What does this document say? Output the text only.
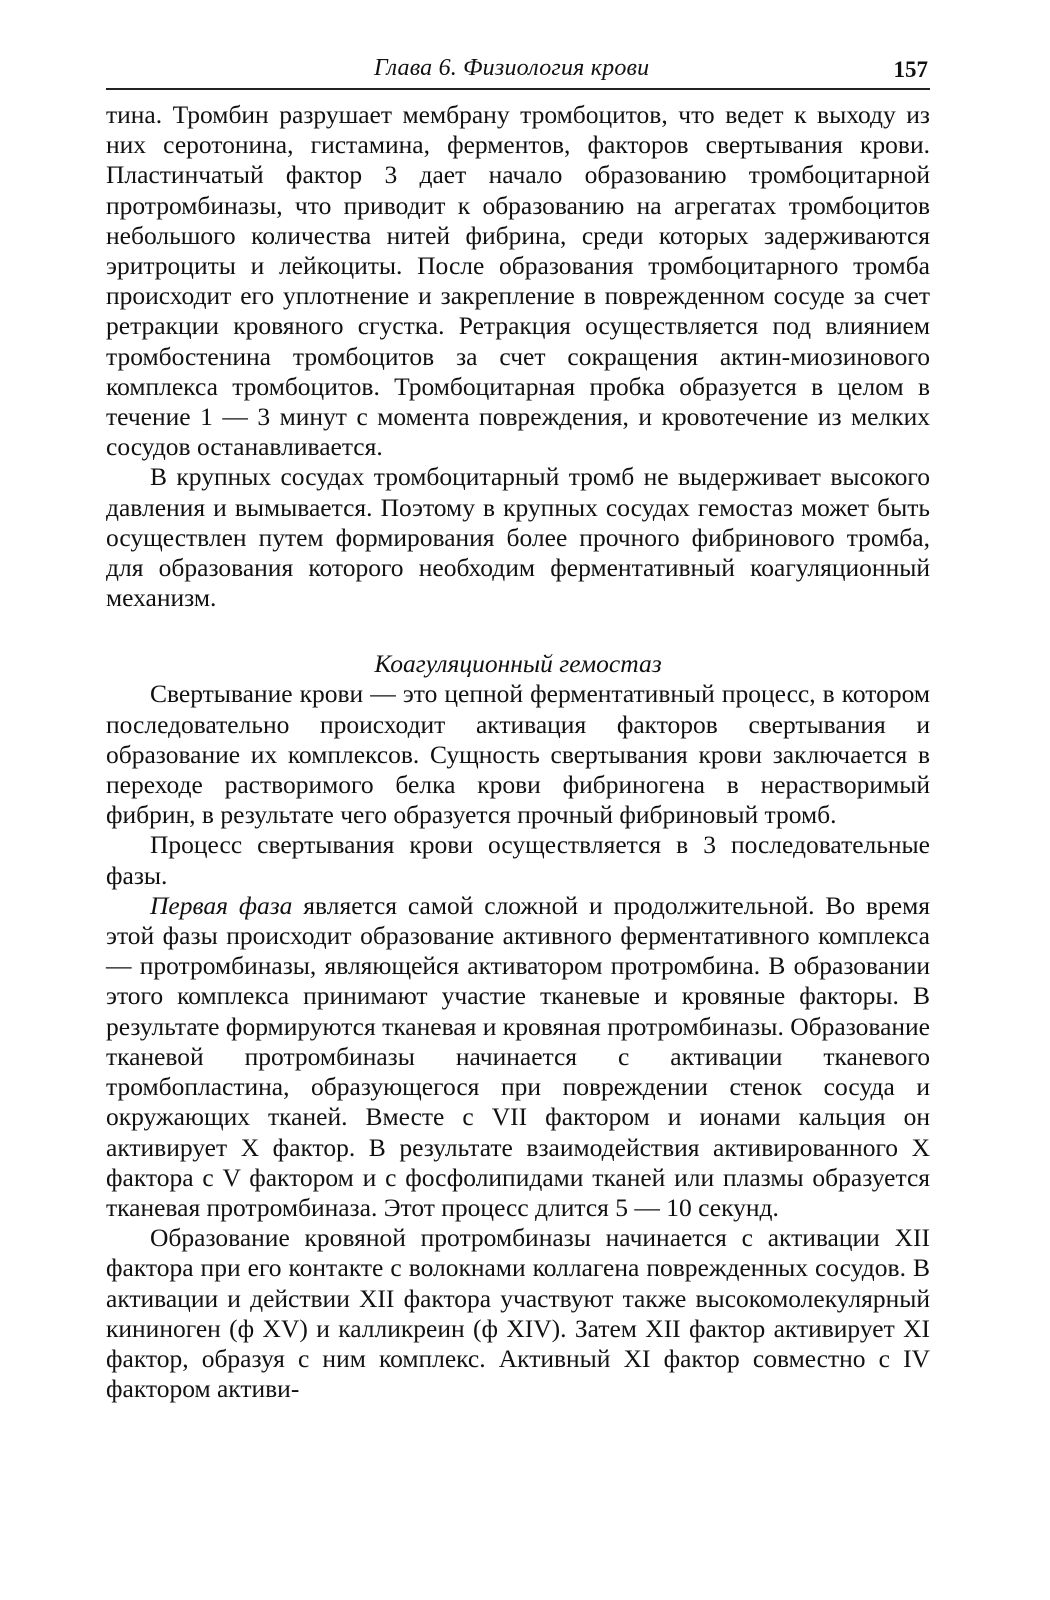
Глава 6. Физиология крови	157

тина. Тромбин разрушает мембрану тромбоцитов, что ведет к выходу из них серотонина, гистамина, ферментов, факторов свертывания крови. Пластинчатый фактор 3 дает начало образованию тромбоцитарной протромбиназы, что приводит к образованию на агрегатах тромбоцитов небольшого количества нитей фибрина, среди которых задерживаются эритроциты и лейкоциты. После образования тромбоцитарного тромба происходит его уплотнение и закрепление в поврежденном сосуде за счет ретракции кровяного сгустка. Ретракция осуществляется под влиянием тромбостенина тромбоцитов за счет сокращения актин-миозинового комплекса тромбоцитов. Тромбоцитарная пробка образуется в целом в течение 1 — 3 минут с момента повреждения, и кровотечение из мелких сосудов останавливается.

В крупных сосудах тромбоцитарный тромб не выдерживает высокого давления и вымывается. Поэтому в крупных сосудах гемостаз может быть осуществлен путем формирования более прочного фибринового тромба, для образования которого необходим ферментативный коагуляционный механизм.

Коагуляционный гемостаз

Свертывание крови — это цепной ферментативный процесс, в котором последовательно происходит активация факторов свертывания и образование их комплексов. Сущность свертывания крови заключается в переходе растворимого белка крови фибриногена в нерастворимый фибрин, в результате чего образуется прочный фибриновый тромб.

Процесс свертывания крови осуществляется в 3 последовательные фазы.

Первая фаза является самой сложной и продолжительной. Во время этой фазы происходит образование активного ферментативного комплекса — протромбиназы, являющейся активатором протромбина. В образовании этого комплекса принимают участие тканевые и кровяные факторы. В результате формируются тканевая и кровяная протромбиназы. Образование тканевой протромбиназы начинается с активации тканевого тромбопластина, образующегося при повреждении стенок сосуда и окружающих тканей. Вместе с VII фактором и ионами кальция он активирует X фактор. В результате взаимодействия активированного X фактора с V фактором и с фосфолипидами тканей или плазмы образуется тканевая протромбиназа. Этот процесс длится 5 — 10 секунд.

Образование кровяной протромбиназы начинается с активации XII фактора при его контакте с волокнами коллагена поврежденных сосудов. В активации и действии XII фактора участвуют также высокомолекулярный кининоген (ф XV) и калликреин (ф XIV). Затем XII фактор активирует XI фактор, образуя с ним комплекс. Активный XI фактор совместно с IV фактором активи-
